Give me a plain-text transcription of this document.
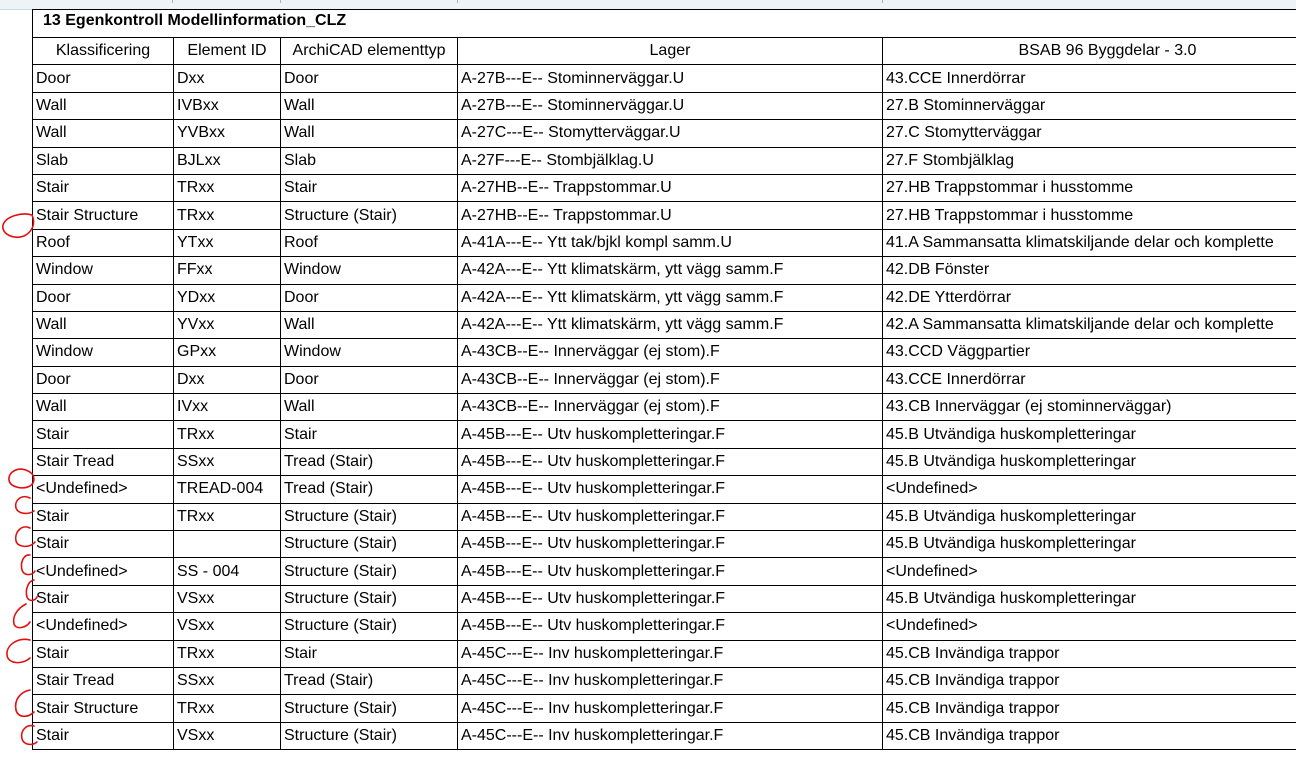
13 Egenkontroll Modellinformation_CLZ
Klassificering	Element ID	ArchiCAD elementtyp	Lager	BSAB 96 Byggdelar - 3.0
Door	Dxx	Door	A-27B---E-- Stominnerväggar.U	43.CCE Innerdörrar
Wall	IVBxx	Wall	A-27B---E-- Stominnerväggar.U	27.B Stominnerväggar
Wall	YVBxx	Wall	A-27C---E-- Stomytterväggar.U	27.C Stomytterväggar
Slab	BJLxx	Slab	A-27F---E-- Stombjälklag.U	27.F Stombjälklag
Stair	TRxx	Stair	A-27HB--E-- Trappstommar.U	27.HB Trappstommar i husstomme
Stair Structure	TRxx	Structure (Stair)	A-27HB--E-- Trappstommar.U	27.HB Trappstommar i husstomme
Roof	YTxx	Roof	A-41A---E-- Ytt tak/bjkl kompl samm.U	41.A Sammansatta klimatskiljande delar och komplette
Window	FFxx	Window	A-42A---E-- Ytt klimatskärm, ytt vägg samm.F	42.DB Fönster
Door	YDxx	Door	A-42A---E-- Ytt klimatskärm, ytt vägg samm.F	42.DE Ytterdörrar
Wall	YVxx	Wall	A-42A---E-- Ytt klimatskärm, ytt vägg samm.F	42.A Sammansatta klimatskiljande delar och komplette
Window	GPxx	Window	A-43CB--E-- Innerväggar (ej stom).F	43.CCD Väggpartier
Door	Dxx	Door	A-43CB--E-- Innerväggar (ej stom).F	43.CCE Innerdörrar
Wall	IVxx	Wall	A-43CB--E-- Innerväggar (ej stom).F	43.CB Innerväggar (ej stominnerväggar)
Stair	TRxx	Stair	A-45B---E-- Utv huskompletteringar.F	45.B Utvändiga huskompletteringar
Stair Tread	SSxx	Tread (Stair)	A-45B---E-- Utv huskompletteringar.F	45.B Utvändiga huskompletteringar
<Undefined>	TREAD-004	Tread (Stair)	A-45B---E-- Utv huskompletteringar.F	<Undefined>
Stair	TRxx	Structure (Stair)	A-45B---E-- Utv huskompletteringar.F	45.B Utvändiga huskompletteringar
Stair		Structure (Stair)	A-45B---E-- Utv huskompletteringar.F	45.B Utvändiga huskompletteringar
<Undefined>	SS - 004	Structure (Stair)	A-45B---E-- Utv huskompletteringar.F	<Undefined>
Stair	VSxx	Structure (Stair)	A-45B---E-- Utv huskompletteringar.F	45.B Utvändiga huskompletteringar
<Undefined>	VSxx	Structure (Stair)	A-45B---E-- Utv huskompletteringar.F	<Undefined>
Stair	TRxx	Stair	A-45C---E-- Inv huskompletteringar.F	45.CB Invändiga trappor
Stair Tread	SSxx	Tread (Stair)	A-45C---E-- Inv huskompletteringar.F	45.CB Invändiga trappor
Stair Structure	TRxx	Structure (Stair)	A-45C---E-- Inv huskompletteringar.F	45.CB Invändiga trappor
Stair	VSxx	Structure (Stair)	A-45C---E-- Inv huskompletteringar.F	45.CB Invändiga trappor
